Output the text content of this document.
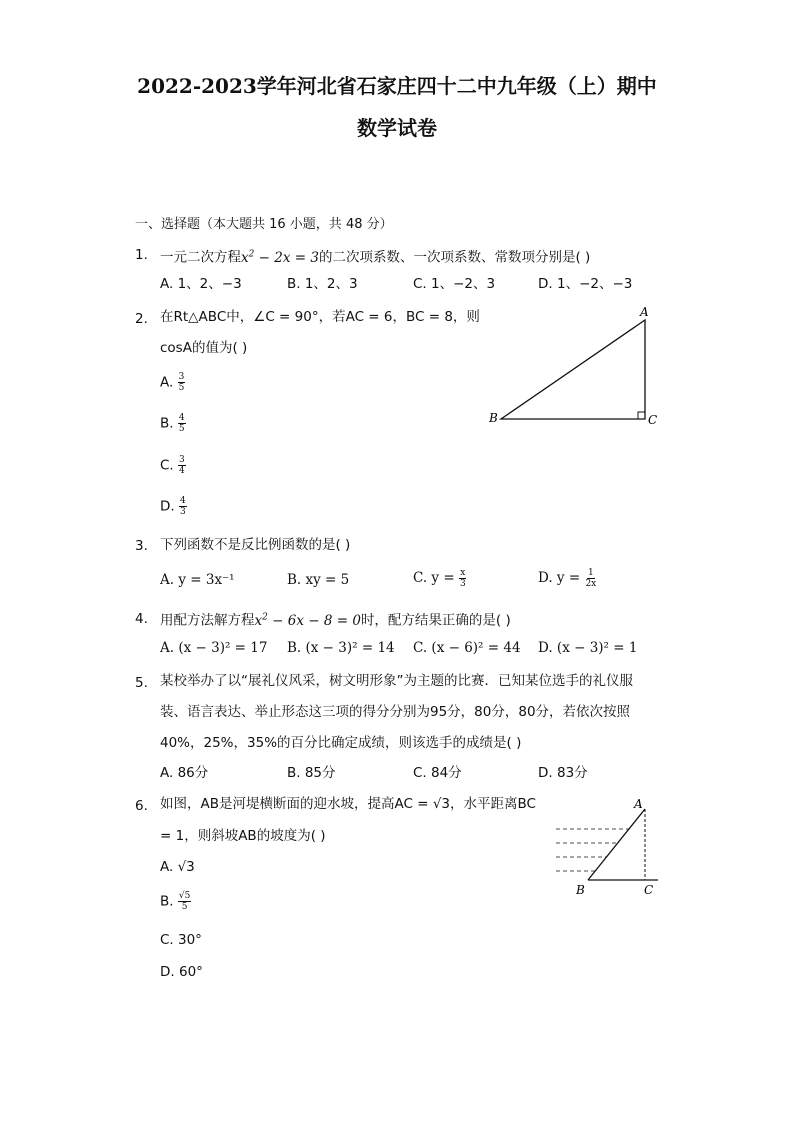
2022-2023学年河北省石家庄四十二中九年级（上）期中
数学试卷
一、选择题（本大题共 16 小题，共 48 分）
1. 一元二次方程$x^2 - 2x = 3$的二次项系数、一次项系数、常数项分别是( )
A. 1、2、−3	B. 1、2、3	C. 1、−2、3	D. 1、−2、−3
2. 在Rt△ABC中，∠C = 90°，若AC = 6，BC = 8，则
cosA的值为( )
A. $\frac{3}{5}$
B. $\frac{4}{5}$
C. $\frac{3}{4}$
D. $\frac{4}{3}$
A
B	C
3. 下列函数不是反比例函数的是( )
A. y = 3x⁻¹	B. xy = 5	C. $y = \frac{x}{3}$	D. $y = \frac{1}{2x}$
4. 用配方法解方程$x^2 - 6x - 8 = 0$时，配方结果正确的是( )
A. (x − 3)² = 17 B. (x − 3)² = 14 C. (x − 6)² = 44 D. (x − 3)² = 1
5. 某校举办了以“展礼仪风采，树文明形象”为主题的比赛．已知某位选手的礼仪服
装、语言表达、举止形态这三项的得分分别为95分，80分，80分，若依次按照
40%，25%，35%的百分比确定成绩，则该选手的成绩是( )
A. 86分	B. 85分	C. 84分	D. 83分
6. 如图，AB是河堤横断面的迎水坡，提高AC = √3，水平距离BC
= 1，则斜坡AB的坡度为( )
A. √3
B. $\frac{√5}{5}$
C. 30°
D. 60°
A
B	C
